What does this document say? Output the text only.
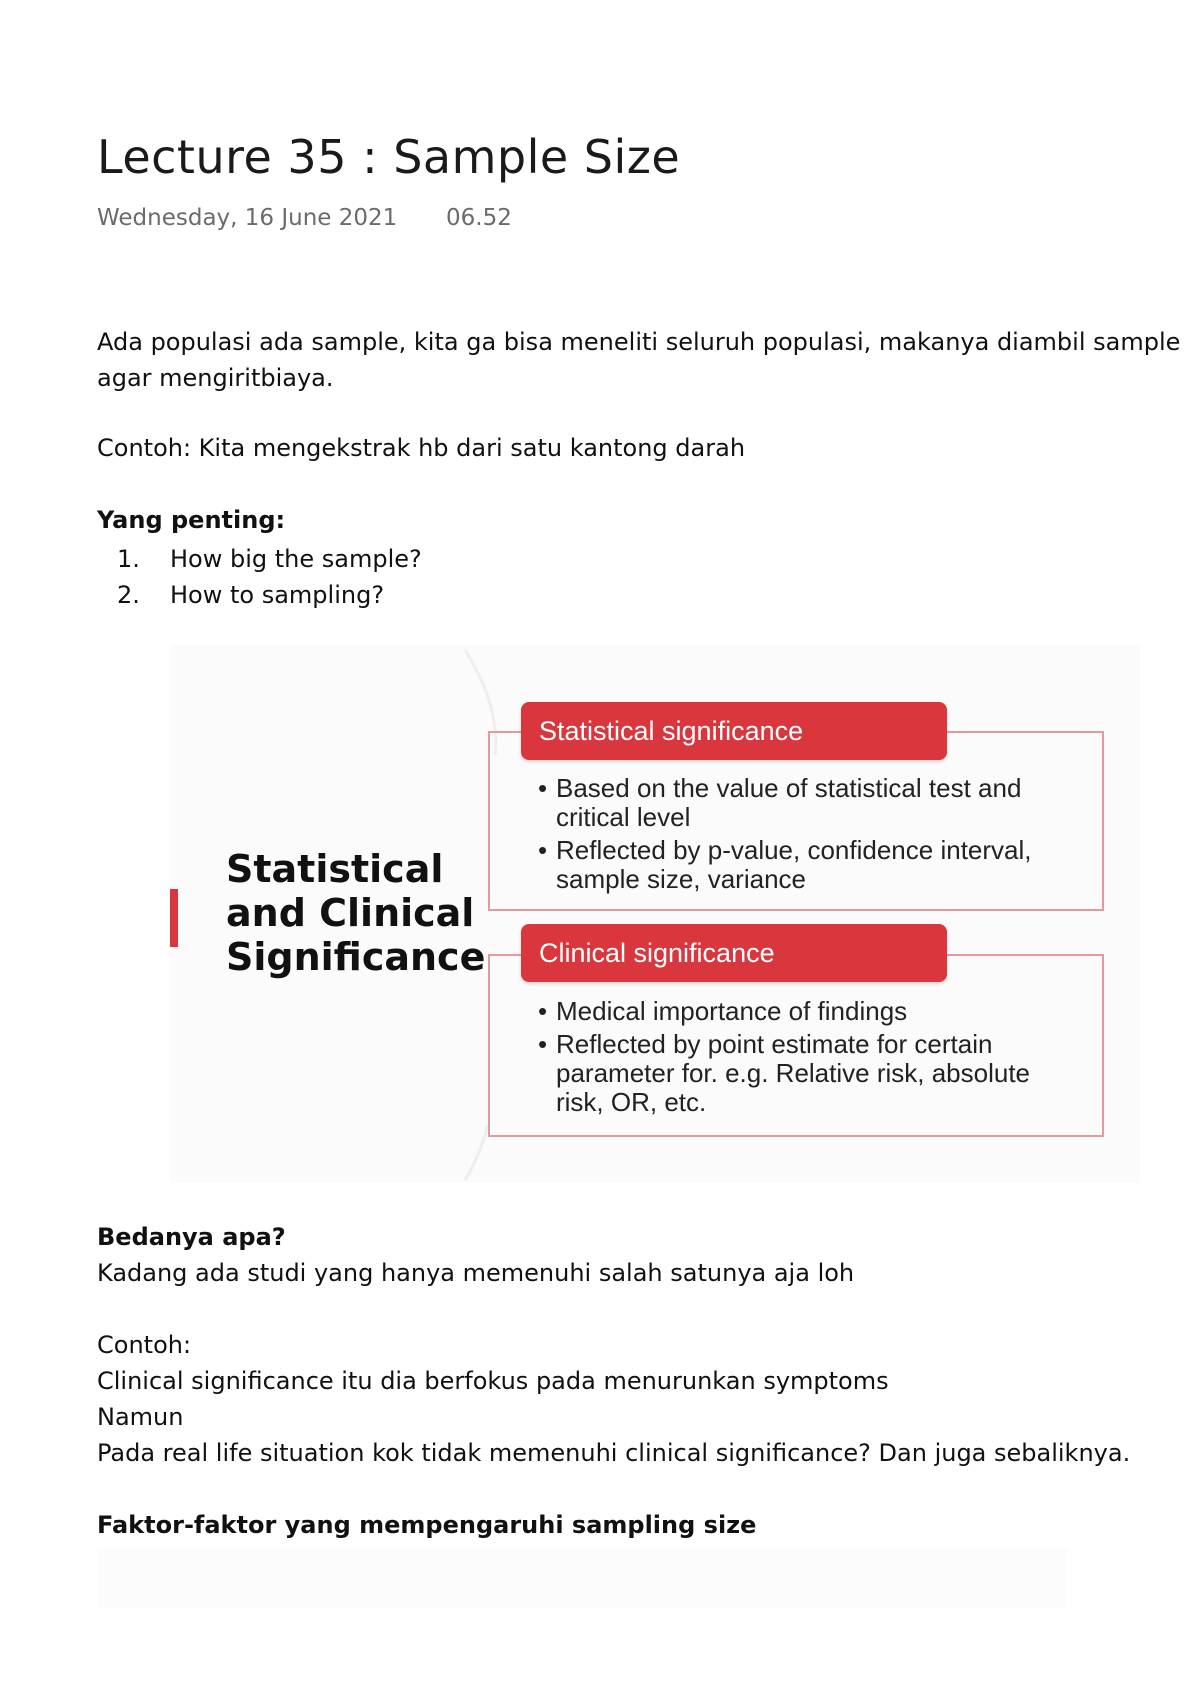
Lecture 35 : Sample Size
Wednesday, 16 June 2021 06.52
Ada populasi ada sample, kita ga bisa meneliti seluruh populasi, makanya diambil sample
agar mengiritbiaya.
Contoh: Kita mengekstrak hb dari satu kantong darah
Yang penting:
1. How big the sample?
2. How to sampling?
Statistical
and Clinical
Significance
Statistical significance
• Based on the value of statistical test and
critical level
• Reflected by p-value, confidence interval,
sample size, variance
Clinical significance
• Medical importance of findings
• Reflected by point estimate for certain
parameter for. e.g. Relative risk, absolute
risk, OR, etc.
Bedanya apa?
Kadang ada studi yang hanya memenuhi salah satunya aja loh
Contoh:
Clinical significance itu dia berfokus pada menurunkan symptoms
Namun
Pada real life situation kok tidak memenuhi clinical significance? Dan juga sebaliknya.
Faktor-faktor yang mempengaruhi sampling size
